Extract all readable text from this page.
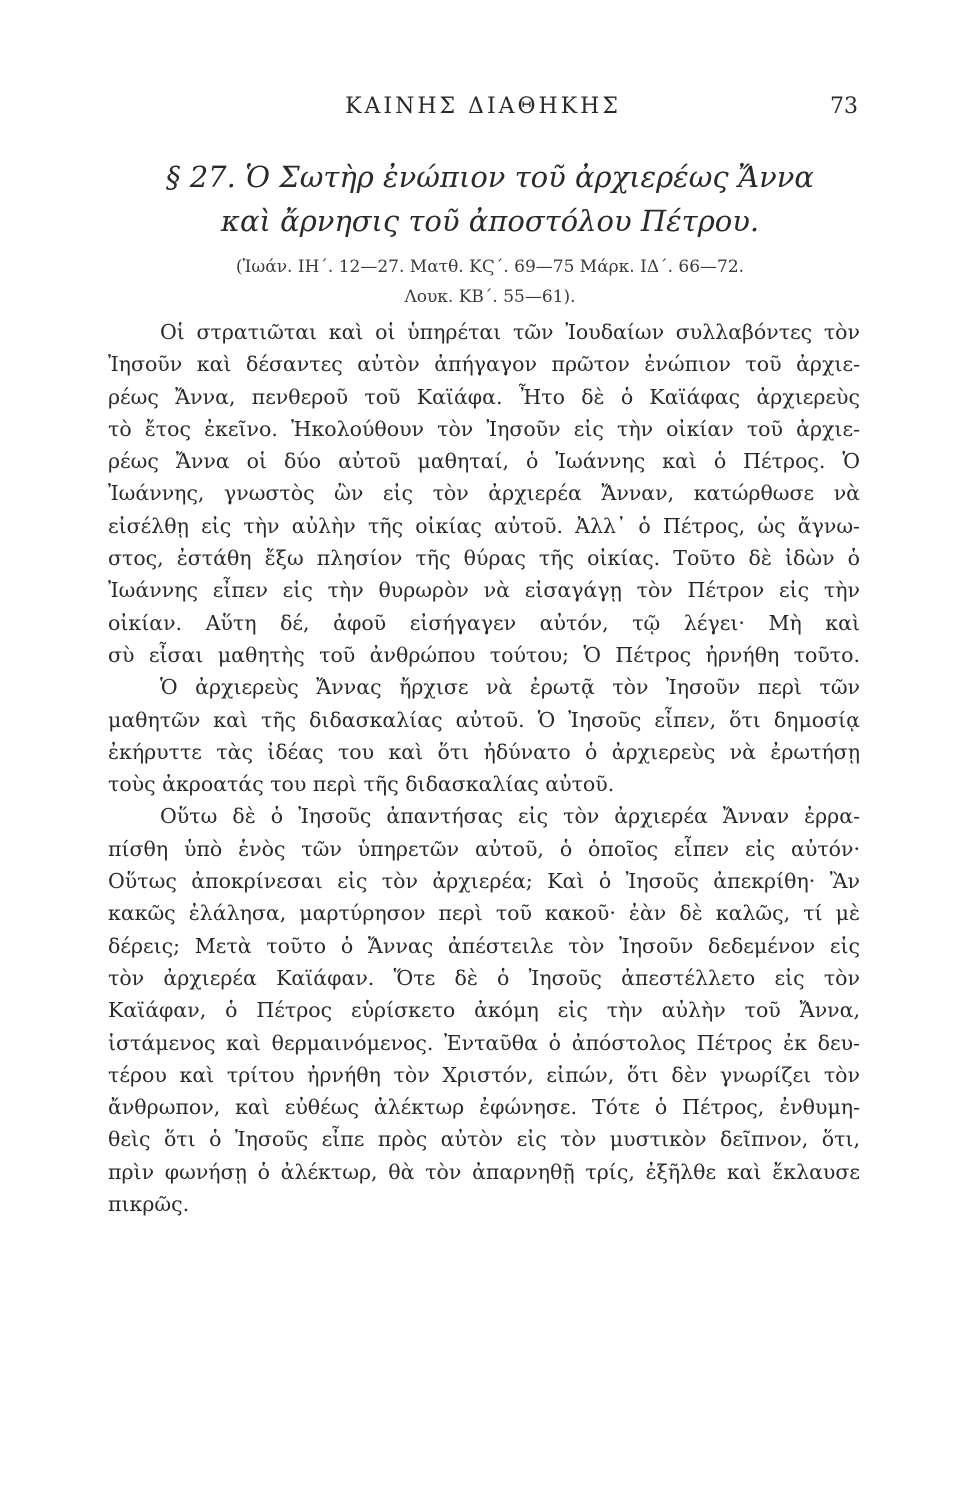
ΚΑΙΝΗΣ ΔΙΑΘΗΚΗΣ	73
§ 27. Ὁ Σωτὴρ ἐνώπιον τοῦ ἀρχιερέως Ἄννα
καὶ ἄρνησις τοῦ ἀποστόλου Πέτρου.
(Ἰωάν. ΙΗ΄. 12—27. Ματθ. ΚϚ΄. 69—75 Μάρκ. ΙΔ΄. 66—72.
Λουκ. ΚΒ΄. 55—61).
Οἱ στρατιῶται καὶ οἱ ὑπηρέται τῶν Ἰουδαίων συλλαβόντες τὸν
Ἰησοῦν καὶ δέσαντες αὐτὸν ἀπήγαγον πρῶτον ἐνώπιον τοῦ ἀρχιε-
ρέως Ἄννα, πενθεροῦ τοῦ Καϊάφα. Ἦτο δὲ ὁ Καϊάφας ἀρχιερεὺς
τὸ ἔτος ἐκεῖνο. Ἠκολούθουν τὸν Ἰησοῦν εἰς τὴν οἰκίαν τοῦ ἀρχιε-
ρέως Ἄννα οἱ δύο αὐτοῦ μαθηταί, ὁ Ἰωάννης καὶ ὁ Πέτρος. Ὁ
Ἰωάννης, γνωστὸς ὢν εἰς τὸν ἀρχιερέα Ἄνναν, κατώρθωσε νὰ
εἰσέλθῃ εἰς τὴν αὐλὴν τῆς οἰκίας αὐτοῦ. Ἀλλ᾽ ὁ Πέτρος, ὡς ἄγνω-
στος, ἐστάθη ἔξω πλησίον τῆς θύρας τῆς οἰκίας. Τοῦτο δὲ ἰδὼν ὁ
Ἰωάννης εἶπεν εἰς τὴν θυρωρὸν νὰ εἰσαγάγῃ τὸν Πέτρον εἰς τὴν
οἰκίαν. Αὕτη δέ, ἀφοῦ εἰσήγαγεν αὐτόν, τῷ λέγει· Μὴ καὶ
σὺ εἶσαι μαθητὴς τοῦ ἀνθρώπου τούτου; Ὁ Πέτρος ἠρνήθη τοῦτο.
Ὁ ἀρχιερεὺς Ἄννας ἤρχισε νὰ ἐρωτᾷ τὸν Ἰησοῦν περὶ τῶν
μαθητῶν καὶ τῆς διδασκαλίας αὐτοῦ. Ὁ Ἰησοῦς εἶπεν, ὅτι δημοσίᾳ
ἐκήρυττε τὰς ἰδέας του καὶ ὅτι ἠδύνατο ὁ ἀρχιερεὺς νὰ ἐρωτήσῃ
τοὺς ἀκροατάς του περὶ τῆς διδασκαλίας αὐτοῦ.
Οὕτω δὲ ὁ Ἰησοῦς ἀπαντήσας εἰς τὸν ἀρχιερέα Ἄνναν ἐρρα-
πίσθη ὑπὸ ἑνὸς τῶν ὑπηρετῶν αὐτοῦ, ὁ ὁποῖος εἶπεν εἰς αὐτόν·
Οὕτως ἀποκρίνεσαι εἰς τὸν ἀρχιερέα; Καὶ ὁ Ἰησοῦς ἀπεκρίθη· Ἂν
κακῶς ἐλάλησα, μαρτύρησον περὶ τοῦ κακοῦ· ἐὰν δὲ καλῶς, τί μὲ
δέρεις; Μετὰ τοῦτο ὁ Ἄννας ἀπέστειλε τὸν Ἰησοῦν δεδεμένον εἰς
τὸν ἀρχιερέα Καϊάφαν. Ὅτε δὲ ὁ Ἰησοῦς ἀπεστέλλετο εἰς τὸν
Καϊάφαν, ὁ Πέτρος εὑρίσκετο ἀκόμη εἰς τὴν αὐλὴν τοῦ Ἄννα,
ἱστάμενος καὶ θερμαινόμενος. Ἐνταῦθα ὁ ἀπόστολος Πέτρος ἐκ δευ-
τέρου καὶ τρίτου ἠρνήθη τὸν Χριστόν, εἰπών, ὅτι δὲν γνωρίζει τὸν
ἄνθρωπον, καὶ εὐθέως ἀλέκτωρ ἐφώνησε. Τότε ὁ Πέτρος, ἐνθυμη-
θεὶς ὅτι ὁ Ἰησοῦς εἶπε πρὸς αὐτὸν εἰς τὸν μυστικὸν δεῖπνον, ὅτι,
πρὶν φωνήσῃ ὁ ἀλέκτωρ, θὰ τὸν ἀπαρνηθῇ τρίς, ἐξῆλθε καὶ ἔκλαυσε
πικρῶς.
